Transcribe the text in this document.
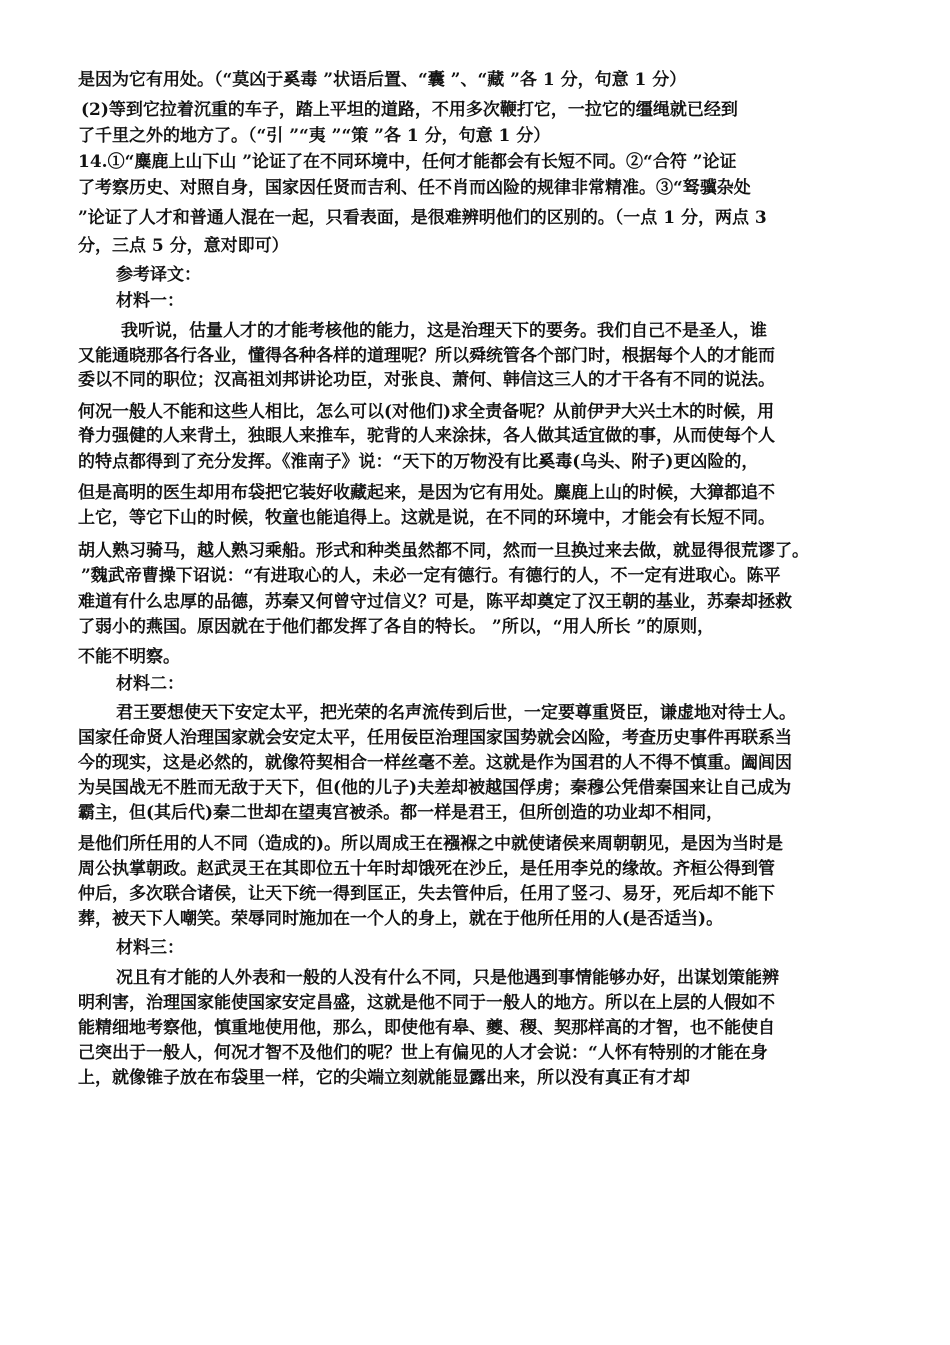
是因为它有用处。（“莫凶于奚毒 ”状语后置、“囊 ”、“藏 ”各 1 分，句意 1 分）
(2)等到它拉着沉重的车子，踏上平坦的道路，不用多次鞭打它，一拉它的缰绳就已经到
了千里之外的地方了。（“引 ”“夷 ”“策 ”各 1 分，句意 1 分）
14.①“麋鹿上山下山 ”论证了在不同环境中，任何才能都会有长短不同。②“合符 ”论证
了考察历史、对照自身，国家因任贤而吉利、任不肖而凶险的规律非常精准。③“驽骥杂处
”论证了人才和普通人混在一起，只看表面，是很难辨明他们的区别的。（一点 1 分，两点 3
分，三点 5 分，意对即可）
参考译文：
材料一：
我听说，估量人才的才能考核他的能力，这是治理天下的要务。我们自己不是圣人，谁
又能通晓那各行各业，懂得各种各样的道理呢？所以舜统管各个部门时，根据每个人的才能而
委以不同的职位；汉高祖刘邦讲论功臣，对张良、萧何、韩信这三人的才干各有不同的说法。
何况一般人不能和这些人相比，怎么可以(对他们)求全责备呢？从前伊尹大兴土木的时候，用
脊力强健的人来背土，独眼人来推车，驼背的人来涂抹，各人做其适宜做的事，从而使每个人
的特点都得到了充分发挥。《淮南子》说：“天下的万物没有比奚毒(乌头、附子)更凶险的，
但是高明的医生却用布袋把它装好收藏起来，是因为它有用处。麋鹿上山的时候，大獐都追不
上它，等它下山的时候，牧童也能追得上。这就是说，在不同的环境中，才能会有长短不同。
胡人熟习骑马，越人熟习乘船。形式和种类虽然都不同，然而一旦换过来去做，就显得很荒谬了。
”魏武帝曹操下诏说：“有进取心的人，未必一定有德行。有德行的人，不一定有进取心。陈平
难道有什么忠厚的品德，苏秦又何曾守过信义？可是，陈平却奠定了汉王朝的基业，苏秦却拯救
了弱小的燕国。原因就在于他们都发挥了各自的特长。 ”所以，“用人所长 ”的原则，
不能不明察。
材料二：
君王要想使天下安定太平，把光荣的名声流传到后世，一定要尊重贤臣，谦虚地对待士人。
国家任命贤人治理国家就会安定太平，任用佞臣治理国家国势就会凶险，考查历史事件再联系当
今的现实，这是必然的，就像符契相合一样丝毫不差。这就是作为国君的人不得不慎重。阖闾因
为吴国战无不胜而无敌于天下，但(他的儿子)夫差却被越国俘虏；秦穆公凭借秦国来让自己成为
霸主，但(其后代)秦二世却在望夷宫被杀。都一样是君王，但所创造的功业却不相同，
是他们所任用的人不同（造成的)。所以周成王在襁褓之中就使诸侯来周朝朝见，是因为当时是
周公执掌朝政。赵武灵王在其即位五十年时却饿死在沙丘，是任用李兑的缘故。齐桓公得到管
仲后，多次联合诸侯，让天下统一得到匡正，失去管仲后，任用了竖刁、易牙，死后却不能下
葬，被天下人嘲笑。荣辱同时施加在一个人的身上，就在于他所任用的人(是否适当)。
材料三：
况且有才能的人外表和一般的人没有什么不同，只是他遇到事情能够办好，出谋划策能辨
明利害，治理国家能使国家安定昌盛，这就是他不同于一般人的地方。所以在上层的人假如不
能精细地考察他，慎重地使用他，那么，即使他有皋、夔、稷、契那样高的才智，也不能使自
己突出于一般人，何况才智不及他们的呢？世上有偏见的人才会说：“人怀有特别的才能在身
上，就像锥子放在布袋里一样，它的尖端立刻就能显露出来，所以没有真正有才却
